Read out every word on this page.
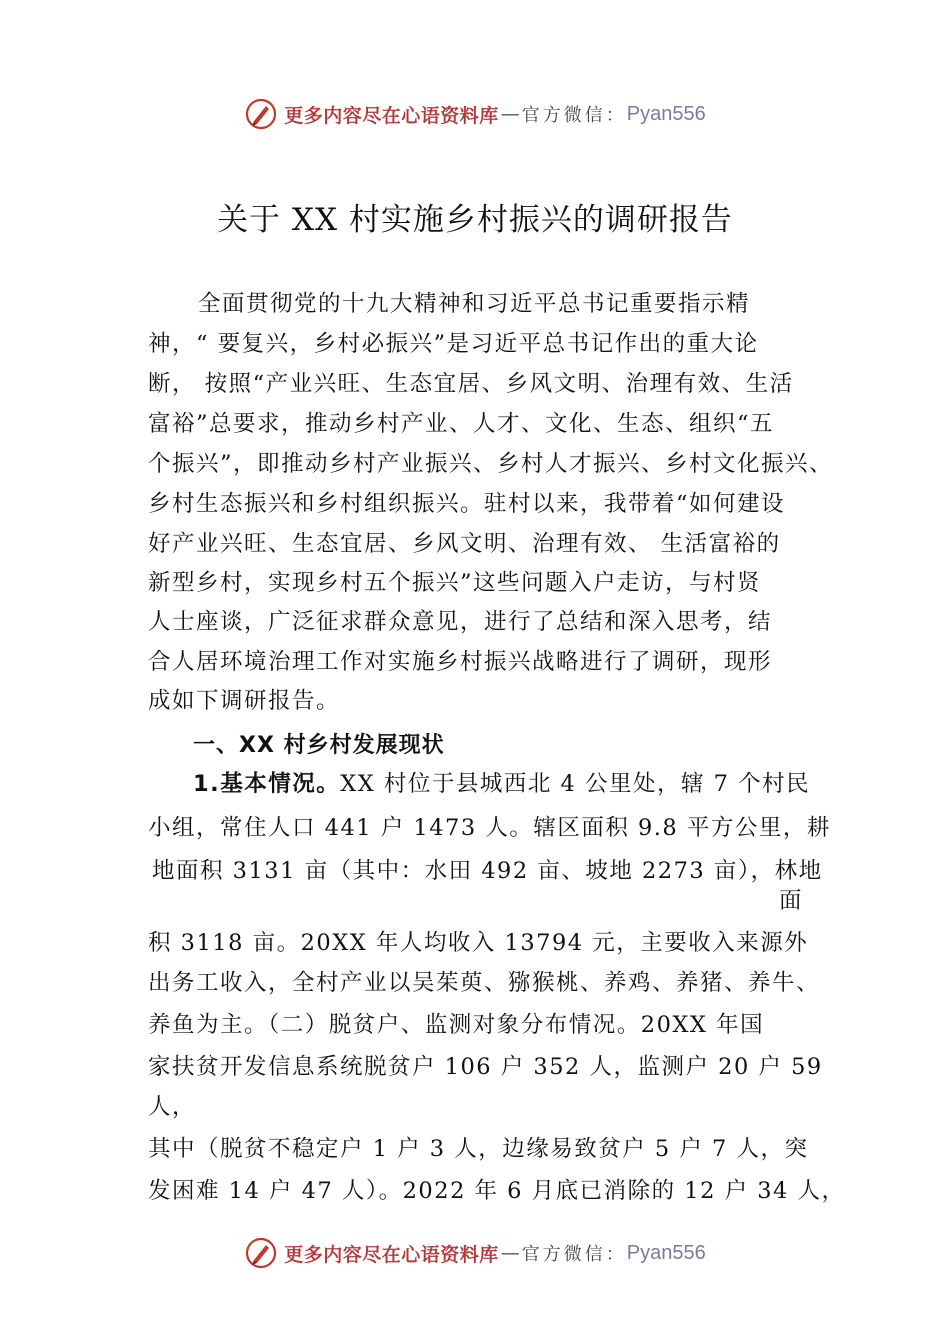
更多内容尽在心语资料库 — 官方微信： Pyan556
关于 XX 村实施乡村振兴的调研报告
全面贯彻党的十九大精神和习近平总书记重要指示精
神，“ 要复兴，乡村必振兴”是习近平总书记作出的重大论
断， 按照“产业兴旺、生态宜居、乡风文明、治理有效、生活
富裕”总要求，推动乡村产业、人才、文化、生态、组织“五
个振兴”，即推动乡村产业振兴、乡村人才振兴、乡村文化振兴、
乡村生态振兴和乡村组织振兴。驻村以来，我带着“如何建设
好产业兴旺、生态宜居、乡风文明、治理有效、 生活富裕的
新型乡村，实现乡村五个振兴”这些问题入户走访，与村贤
人士座谈，广泛征求群众意见，进行了总结和深入思考，结
合人居环境治理工作对实施乡村振兴战略进行了调研，现形
成如下调研报告。
一、XX 村乡村发展现状
1.基本情况。XX 村位于县城西北 4 公里处，辖 7 个村民
小组，常住人口 441 户 1473 人。辖区面积 9.8 平方公里，耕
地面积 3131 亩（其中：水田 492 亩、坡地 2273 亩），林地
面
积 3118 亩。20XX 年人均收入 13794 元，主要收入来源外
出务工收入，全村产业以吴茱萸、猕猴桃、养鸡、养猪、养牛、
养鱼为主。（二）脱贫户、监测对象分布情况。20XX 年国
家扶贫开发信息系统脱贫户 106 户 352 人，监测户 20 户 59
人，
其中（脱贫不稳定户 1 户 3 人，边缘易致贫户 5 户 7 人，突
发困难 14 户 47 人）。2022 年 6 月底已消除的 12 户 34 人，
更多内容尽在心语资料库 — 官方微信： Pyan556
